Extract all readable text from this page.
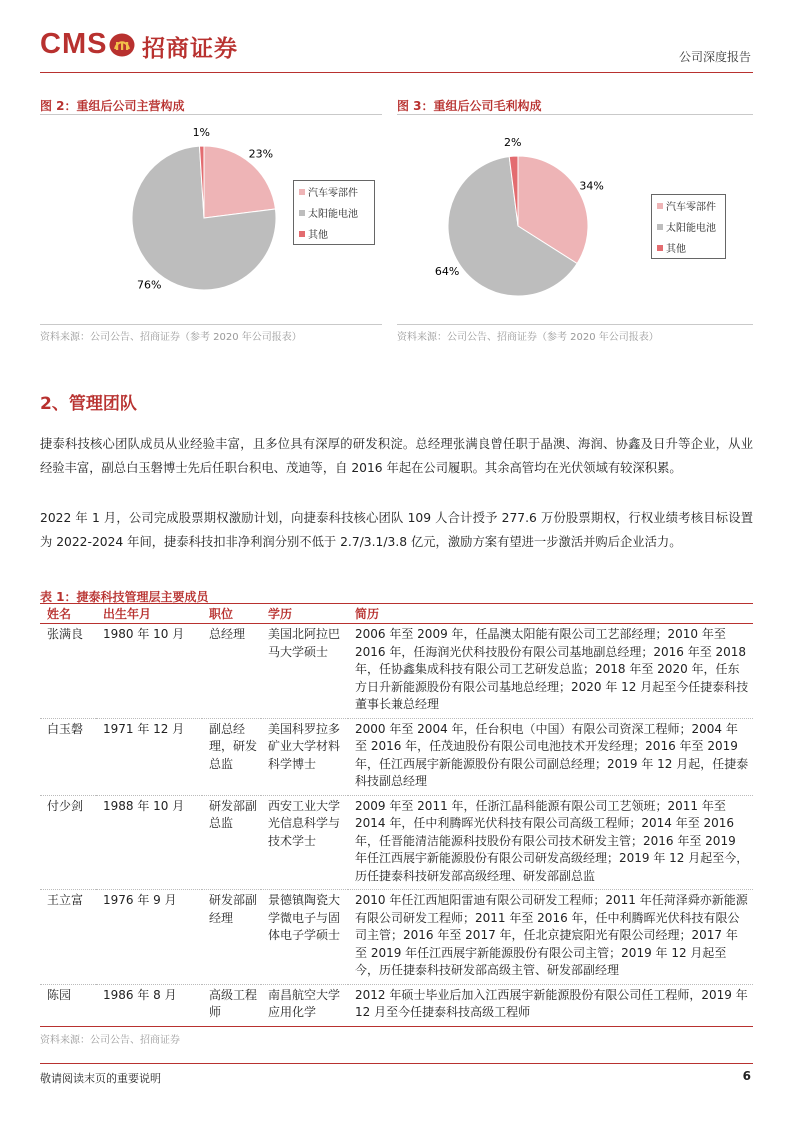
CMS 招商证券	公司深度报告
图 2：重组后公司主营构成
23%
76%
1%
汽车零部件
太阳能电池
其他
资料来源：公司公告、招商证券（参考 2020 年公司报表）
图 3：重组后公司毛利构成
34%
64%
2%
汽车零部件
太阳能电池
其他
资料来源：公司公告、招商证券（参考 2020 年公司报表）
2、管理团队
捷泰科技核心团队成员从业经验丰富，且多位具有深厚的研发积淀。总经理张满良曾任职于晶澳、海润、协鑫及日升等企业，从业经验丰富，副总白玉磐博士先后任职台积电、茂迪等，自 2016 年起在公司履职。其余高管均在光伏领域有较深积累。
2022 年 1 月，公司完成股票期权激励计划，向捷泰科技核心团队 109 人合计授予 277.6 万份股票期权，行权业绩考核目标设置为 2022-2024 年间，捷泰科技扣非净利润分别不低于 2.7/3.1/3.8 亿元，激励方案有望进一步激活并购后企业活力。
表 1：捷泰科技管理层主要成员
姓名	出生年月	职位	学历	简历
张满良	1980 年 10 月	总经理	美国北阿拉巴马大学硕士	2006 年至 2009 年，任晶澳太阳能有限公司工艺部经理；2010 年至 2016 年，任海润光伏科技股份有限公司基地副总经理；2016 年至 2018 年，任协鑫集成科技有限公司工艺研发总监；2018 年至 2020 年，任东方日升新能源股份有限公司基地总经理；2020 年 12 月起至今任捷泰科技董事长兼总经理
白玉磐	1971 年 12 月	副总经理，研发总监	美国科罗拉多矿业大学材料科学博士	2000 年至 2004 年，任台积电（中国）有限公司资深工程师；2004 年至 2016 年，任茂迪股份有限公司电池技术开发经理；2016 年至 2019 年，任江西展宇新能源股份有限公司副总经理；2019 年 12 月起，任捷泰科技副总经理
付少剑	1988 年 10 月	研发部副总监	西安工业大学光信息科学与技术学士	2009 年至 2011 年，任浙江晶科能源有限公司工艺领班；2011 年至 2014 年，任中利腾晖光伏科技有限公司高级工程师；2014 年至 2016 年，任晋能清洁能源科技股份有限公司技术研发主管；2016 年至 2019 年任江西展宇新能源股份有限公司研发高级经理；2019 年 12 月起至今，历任捷泰科技研发部高级经理、研发部副总监
王立富	1976 年 9 月	研发部副经理	景德镇陶瓷大学微电子与固体电子学硕士	2010 年任江西旭阳雷迪有限公司研发工程师；2011 年任菏泽舜亦新能源有限公司研发工程师；2011 年至 2016 年，任中利腾晖光伏科技有限公司主管；2016 年至 2017 年，任北京捷宸阳光有限公司经理；2017 年至 2019 年任江西展宇新能源股份有限公司主管；2019 年 12 月起至今，历任捷泰科技研发部高级主管、研发部副经理
陈园	1986 年 8 月	高级工程师	南昌航空大学应用化学	2012 年硕士毕业后加入江西展宇新能源股份有限公司任工程师，2019 年 12 月至今任捷泰科技高级工程师
资料来源：公司公告、招商证券
敬请阅读末页的重要说明	6
